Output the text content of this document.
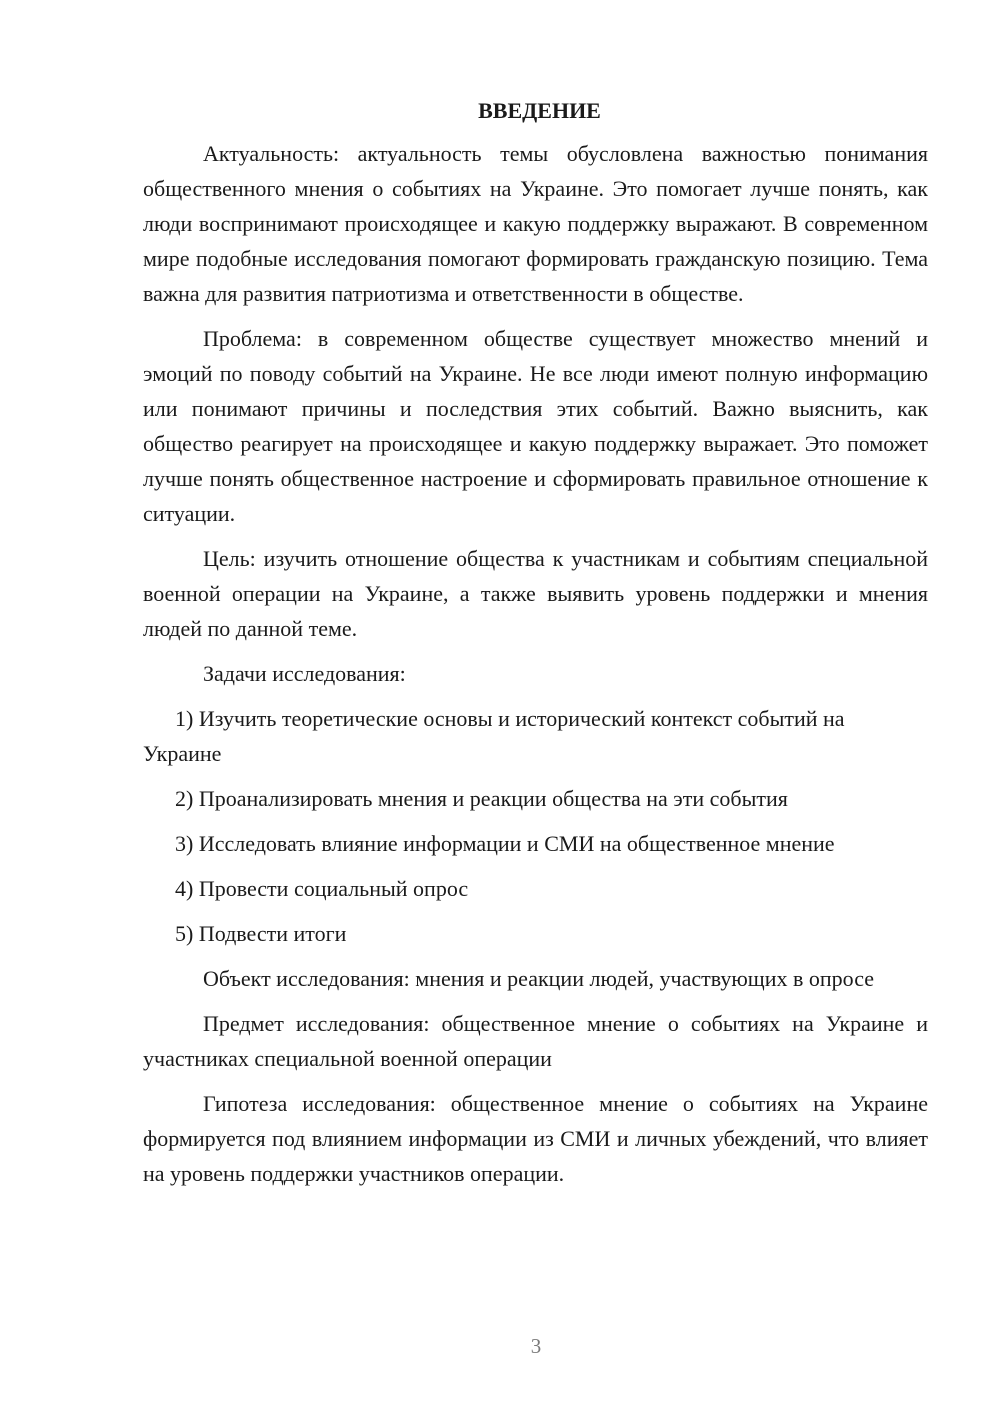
ВВЕДЕНИЕ

Актуальность: актуальность темы обусловлена важностью понимания общественного мнения о событиях на Украине. Это помогает лучше понять, как люди воспринимают происходящее и какую поддержку выражают. В современном мире подобные исследования помогают формировать гражданскую позицию. Тема важна для развития патриотизма и ответственности в обществе.

Проблема: в современном обществе существует множество мнений и эмоций по поводу событий на Украине. Не все люди имеют полную информацию или понимают причины и последствия этих событий. Важно выяснить, как общество реагирует на происходящее и какую поддержку выражает. Это поможет лучше понять общественное настроение и сформировать правильное отношение к ситуации.

Цель: изучить отношение общества к участникам и событиям специальной военной операции на Украине, а также выявить уровень поддержки и мнения людей по данной теме.

Задачи исследования:

1) Изучить теоретические основы и исторический контекст событий на Украине

2) Проанализировать мнения и реакции общества на эти события

3) Исследовать влияние информации и СМИ на общественное мнение

4) Провести социальный опрос

5) Подвести итоги

Объект исследования: мнения и реакции людей, участвующих в опросе

Предмет исследования: общественное мнение о событиях на Украине и участниках специальной военной операции

Гипотеза исследования: общественное мнение о событиях на Украине формируется под влиянием информации из СМИ и личных убеждений, что влияет на уровень поддержки участников операции.

3
